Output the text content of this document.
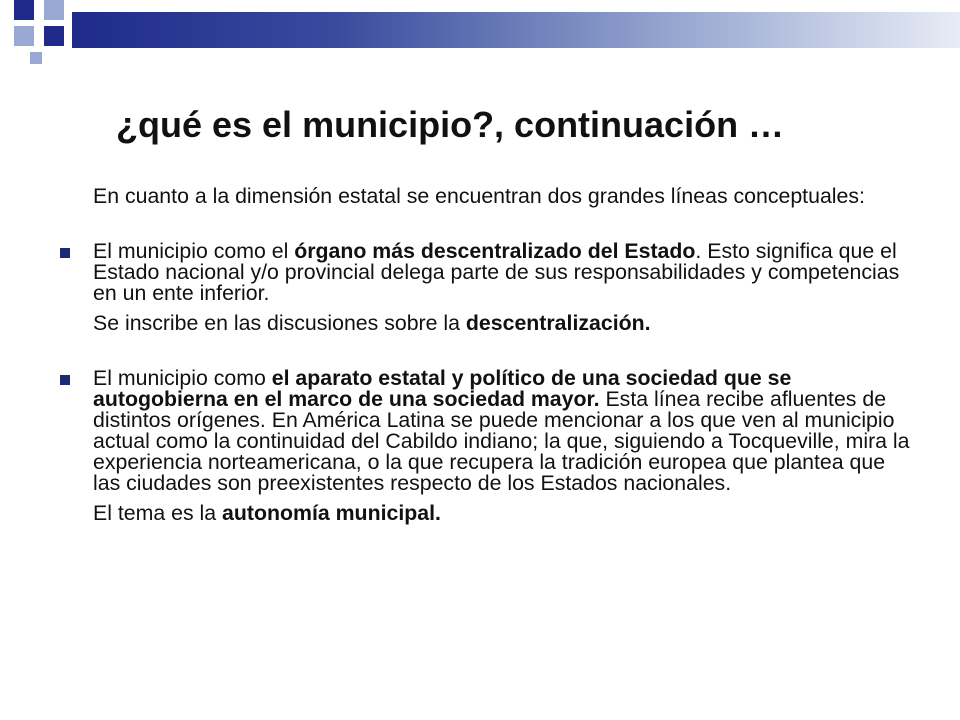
¿qué es el municipio?, continuación …

En cuanto a la dimensión estatal se encuentran dos grandes líneas conceptuales:

El municipio como el órgano más descentralizado del Estado. Esto significa que el Estado nacional y/o provincial delega parte de sus responsabilidades y competencias en un ente inferior.

Se inscribe en las discusiones sobre la descentralización.

El municipio como el aparato estatal y político de una sociedad que se autogobierna en el marco de una sociedad mayor. Esta línea recibe afluentes de distintos orígenes. En América Latina se puede mencionar a los que ven al municipio actual como la continuidad del Cabildo indiano; la que, siguiendo a Tocqueville, mira la experiencia norteamericana, o la que recupera la tradición europea que plantea que las ciudades son preexistentes respecto de los Estados nacionales.

El tema es la autonomía municipal.
